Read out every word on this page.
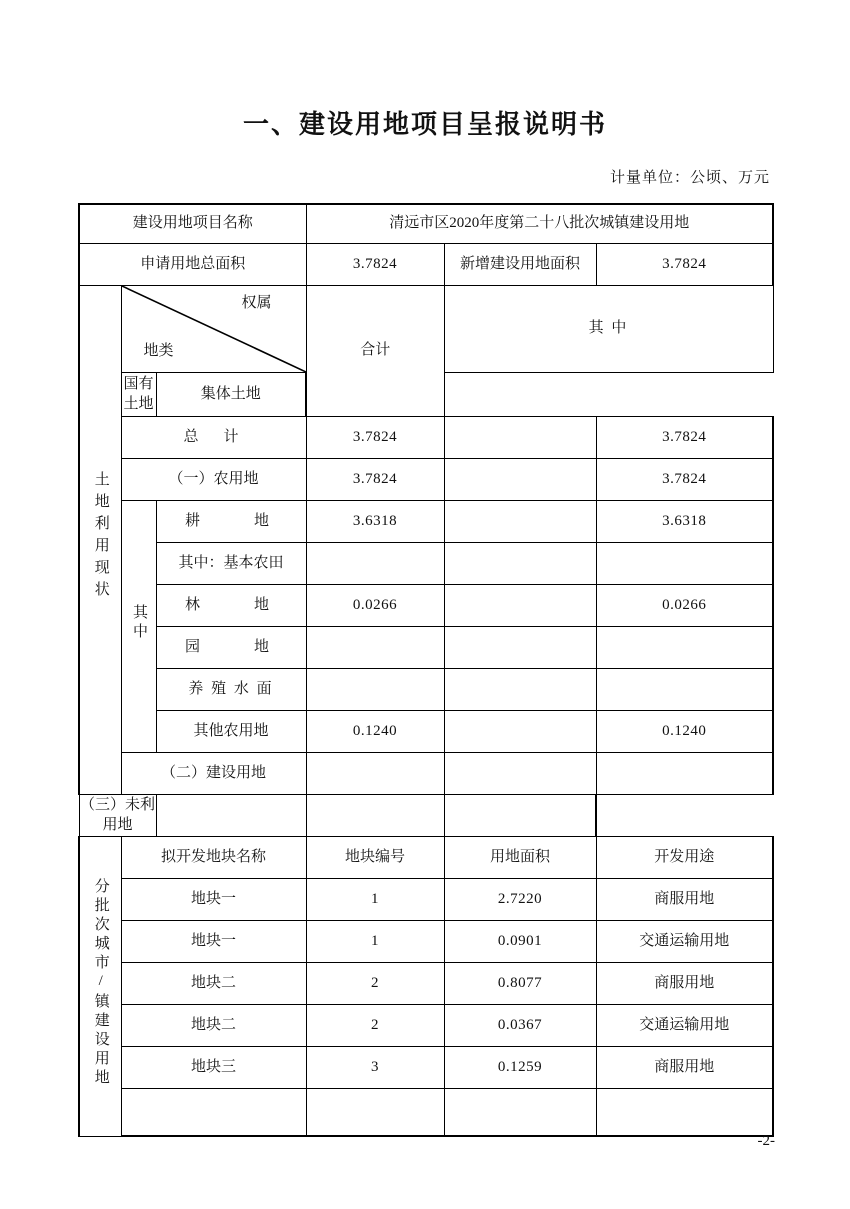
一、建设用地项目呈报说明书
计量单位：公顷、万元
建设用地项目名称			清远市区2020年度第二十八批次城镇建设用地		
申请用地总面积			3.7824	新增建设用地面积	3.7824
土地利用现状	权属
地类		合计	其 中	
	国有土地	集体土地			
	总　计		3.7824		3.7824
	（一）农用地		3.7824		3.7824
	其中	耕　　地	3.6318		3.6318
		其中：基本农田			
		林　　地	0.0266		0.0266
		园　　地			
		养 殖 水 面			
		其他农用地	0.1240		0.1240
	（二）建设用地				
（三）未利用地					
分批次城市/镇建设用地	拟开发地块名称		地块编号	用地面积	开发用途
	地块一		1	2.7220	商服用地
	地块一		1	0.0901	交通运输用地
	地块二		2	0.8077	商服用地
	地块二		2	0.0367	交通运输用地
	地块三		3	0.1259	商服用地

-2-
